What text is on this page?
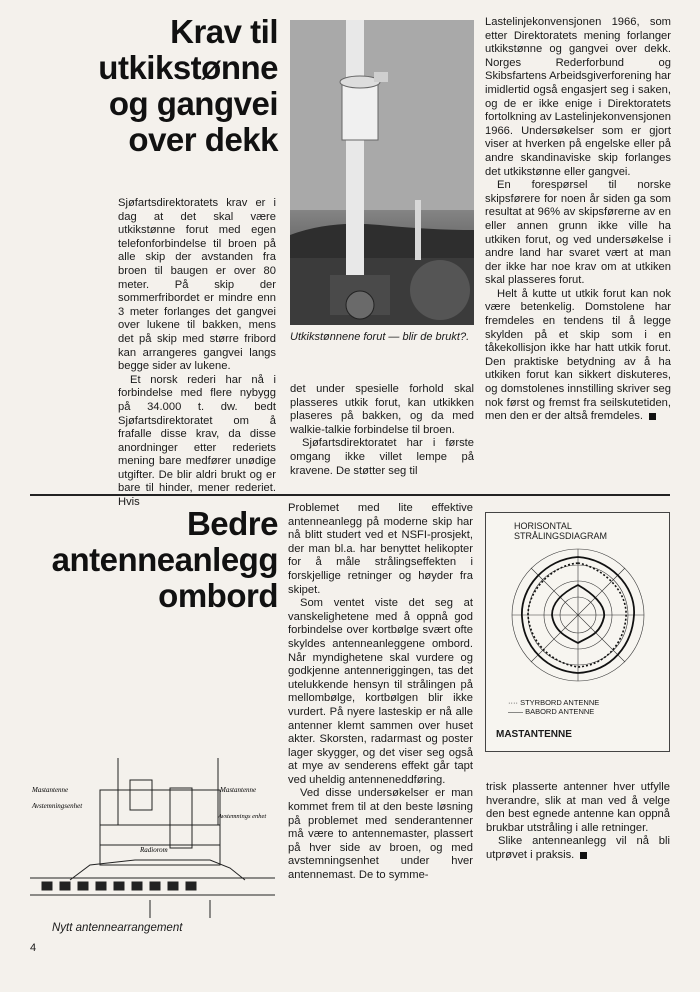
Krav til
utkikstønne
og gangvei
over dekk

Sjøfartsdirektoratets krav er i dag at det skal være utkikstønne forut med egen telefonforbindelse til broen på alle skip der avstanden fra broen til baugen er over 80 meter. På skip der sommerfribordet er mindre enn 3 meter forlanges det gangvei over lukene til bakken, mens det på skip med større fribord kan arrangeres gangvei langs begge sider av lukene.

Et norsk rederi har nå i forbindelse med flere nybygg på 34.000 t. dw. bedt Sjøfartsdirektoratet om å frafalle disse krav, da disse anordninger etter rederiets mening bare medfører unødige utgifter. De blir aldri brukt og er bare til hinder, mener rederiet. Hvis

Utkikstønnene forut — blir de brukt?.

det under spesielle forhold skal plasseres utkik forut, kan utkikken plaseres på bakken, og da med walkie-talkie forbindelse til broen.

Sjøfartsdirektoratet har i første omgang ikke villet lempe på kravene. De støtter seg til

Lastelinjekonvensjonen 1966, som etter Direktoratets mening forlanger utkikstønne og gangvei over dekk. Norges Rederforbund og Skibsfartens Arbeidsgiverforening har imidlertid også engasjert seg i saken, og de er ikke enige i Direktoratets fortolkning av Lastelinjekonvensjonen 1966. Undersøkelser som er gjort viser at hverken på engelske eller på andre skandinaviske skip forlanges det utkikstønne eller gangvei.

En forespørsel til norske skipsførere for noen år siden ga som resultat at 96% av skipsførerne av en eller annen grunn ikke ville ha utkiken forut, og ved undersøkelse i andre land har svaret vært at man der ikke har noe krav om at utkiken skal plasseres forut.

Helt å kutte ut utkik forut kan nok være betenkelig. Domstolene har fremdeles en tendens til å legge skylden på et skip som i en tåkekollisjon ikke har hatt utkik forut. Den praktiske betydning av å ha utkiken forut kan sikkert diskuteres, og domstolenes innstilling skriver seg nok først og fremst fra seilskutetiden, men den er der altså fremdeles.

Bedre
antenneanlegg
ombord
Mastantenne
Avstemningsenhet
Mastantenne
Avstemnings enhet
Radiorom
Nytt antennearrangement
4

Problemet med lite effektive antenneanlegg på moderne skip har nå blitt studert ved et NSFI-prosjekt, der man bl.a. har benyttet helikopter for å måle strålingseffekten i forskjellige retninger og høyder fra skipet.

Som ventet viste det seg at vanskelighetene med å oppnå god forbindelse over kortbølge svært ofte skyldes antenneanleggene ombord. Når myndighetene skal vurdere og godkjenne antenneriggingen, tas det utelukkende hensyn til strålingen på mellombølge, kortbølgen blir ikke vurdert. På nyere lasteskip er nå alle antenner klemt sammen over huset akter. Skorsten, radarmast og poster lager skygger, og det viser seg også at mye av senderens effekt går tapt ved uheldig antenneneddføring.

Ved disse undersøkelser er man kommet frem til at den beste løsning på problemet med senderantenner må være to antennemaster, plassert på hver side av broen, og med avstemningsenhet under hver antennemast. De to symme-

HORISONTAL
STRÅLINGSDIAGRAM
···· STYRBORD ANTENNE
—— BABORD ANTENNE
MASTANTENNE

trisk plasserte antenner hver utfylle hverandre, slik at man ved å velge den best egnede antenne kan oppnå brukbar utstråling i alle retninger.

Slike antenneanlegg vil nå bli utprøvet i praksis.
